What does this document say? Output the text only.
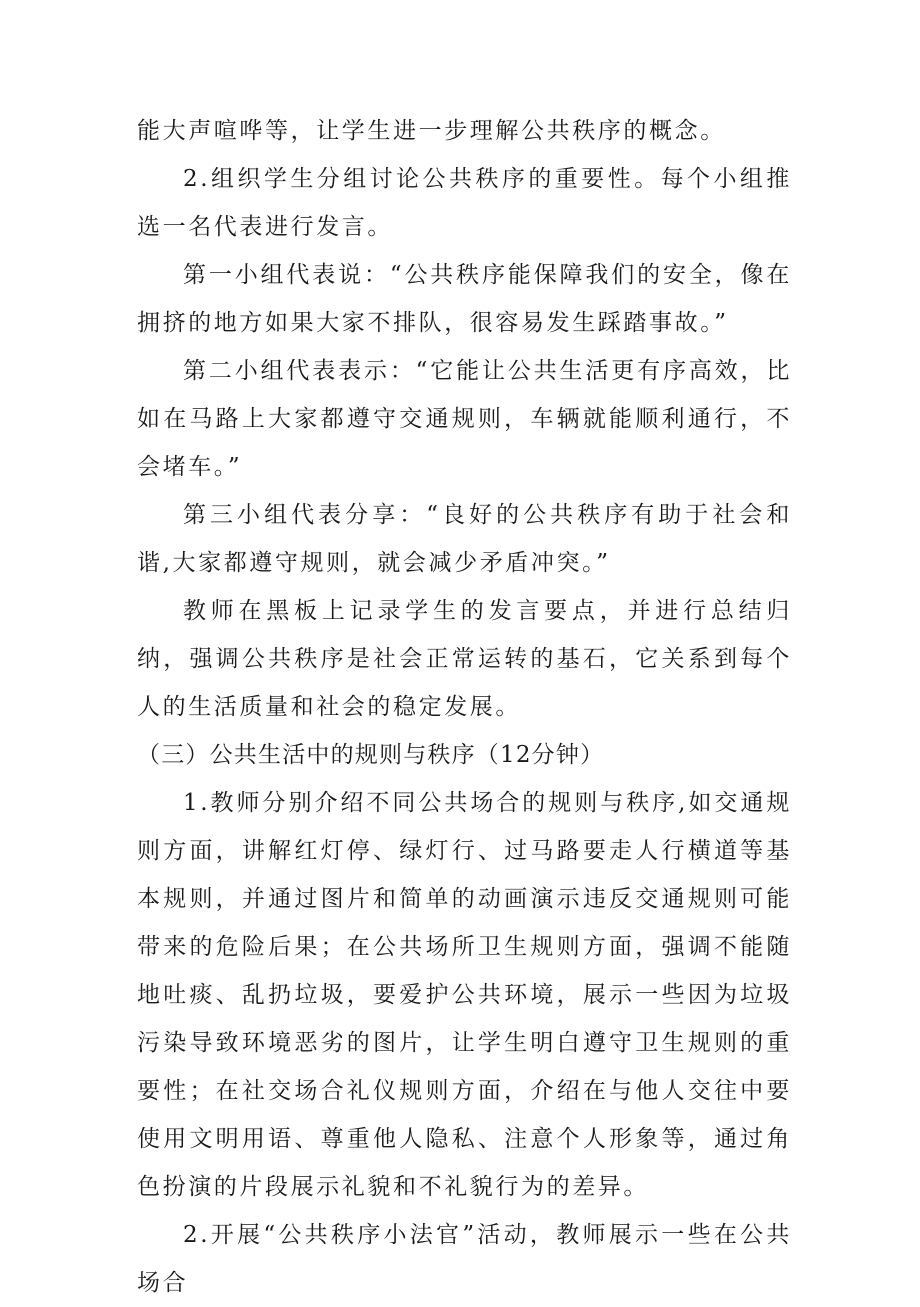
能大声喧哗等，让学生进一步理解公共秩序的概念。

2.组织学生分组讨论公共秩序的重要性。每个小组推选一名代表进行发言。

第一小组代表说：“公共秩序能保障我们的安全，像在拥挤的地方如果大家不排队，很容易发生踩踏事故。”

第二小组代表表示：“它能让公共生活更有序高效，比如在马路上大家都遵守交通规则，车辆就能顺利通行，不会堵车。”

第三小组代表分享：“良好的公共秩序有助于社会和谐,大家都遵守规则，就会减少矛盾冲突。”

教师在黑板上记录学生的发言要点，并进行总结归纳，强调公共秩序是社会正常运转的基石，它关系到每个人的生活质量和社会的稳定发展。

（三）公共生活中的规则与秩序（12分钟）

1.教师分别介绍不同公共场合的规则与秩序,如交通规则方面，讲解红灯停、绿灯行、过马路要走人行横道等基本规则，并通过图片和简单的动画演示违反交通规则可能带来的危险后果；在公共场所卫生规则方面，强调不能随地吐痰、乱扔垃圾，要爱护公共环境，展示一些因为垃圾污染导致环境恶劣的图片，让学生明白遵守卫生规则的重要性；在社交场合礼仪规则方面，介绍在与他人交往中要使用文明用语、尊重他人隐私、注意个人形象等，通过角色扮演的片段展示礼貌和不礼貌行为的差异。

2.开展“公共秩序小法官”活动，教师展示一些在公共场合
